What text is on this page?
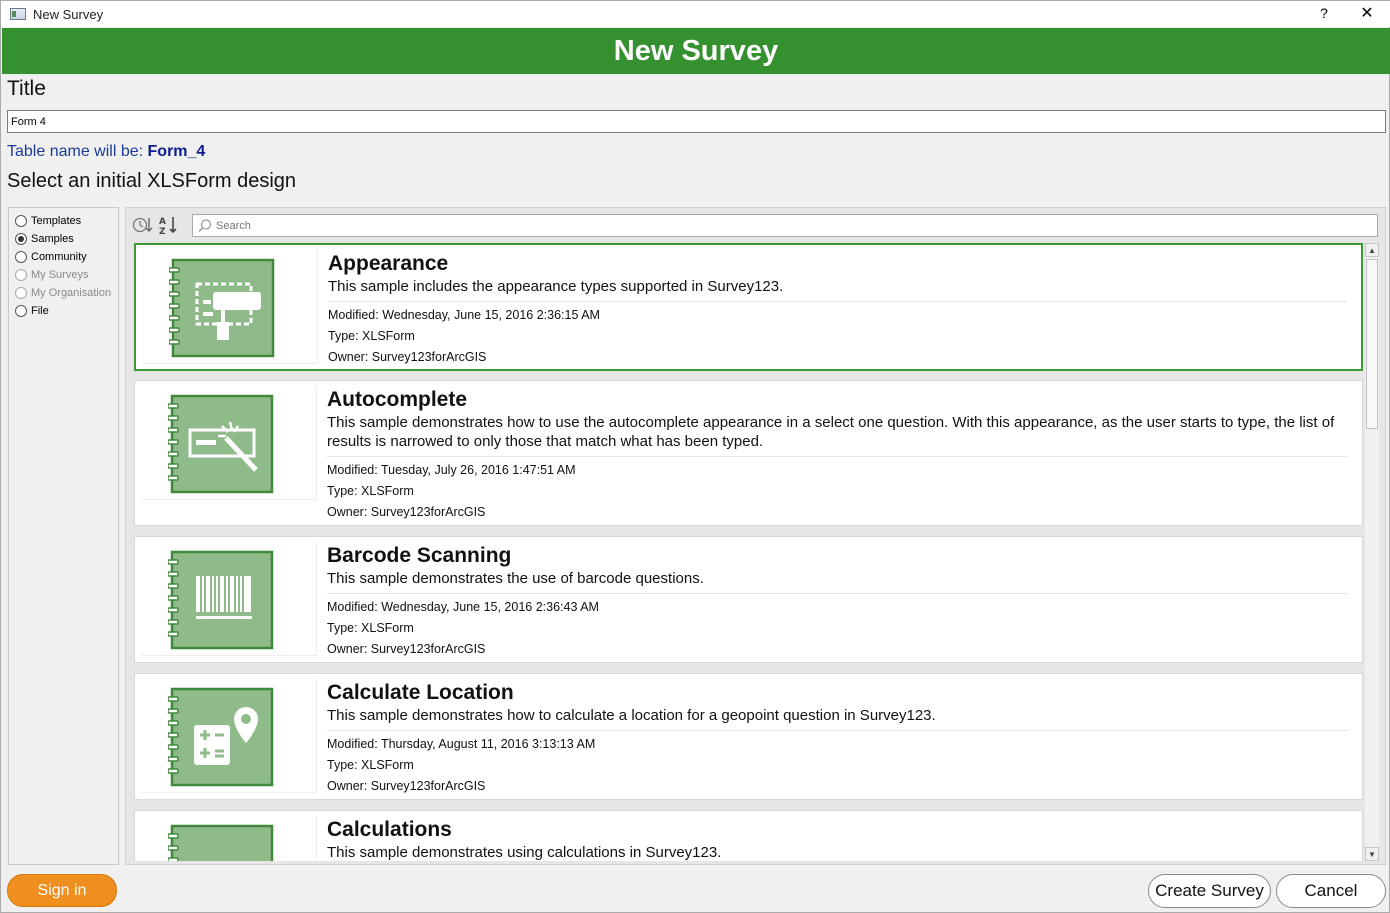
New Survey	? ✕
New Survey
Title
Form 4
Table name will be: Form_4
Select an initial XLSForm design
Templates
Samples
Community
My Surveys
My Organisation
File
A
Z
Search
Appearance
This sample includes the appearance types supported in Survey123.
Modified: Wednesday, June 15, 2016 2:36:15 AM
Type: XLSForm
Owner: Survey123forArcGIS
Autocomplete
This sample demonstrates how to use the autocomplete appearance in a select one question. With this appearance, as the user starts to type, the list of results is narrowed to only those that match what has been typed.
Modified: Tuesday, July 26, 2016 1:47:51 AM
Type: XLSForm
Owner: Survey123forArcGIS
Barcode Scanning
This sample demonstrates the use of barcode questions.
Modified: Wednesday, June 15, 2016 2:36:43 AM
Type: XLSForm
Owner: Survey123forArcGIS
Calculate Location
This sample demonstrates how to calculate a location for a geopoint question in Survey123.
Modified: Thursday, August 11, 2016 3:13:13 AM
Type: XLSForm
Owner: Survey123forArcGIS
Calculations
This sample demonstrates using calculations in Survey123.
▲
▼
Sign in	Create Survey	Cancel
